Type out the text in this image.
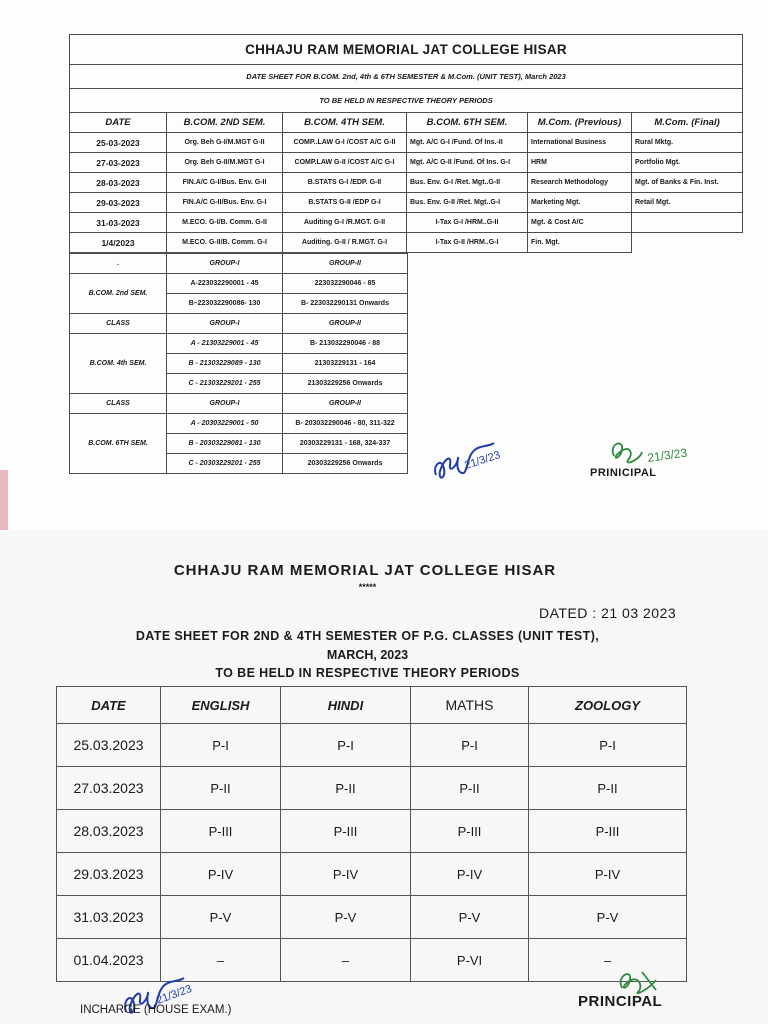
CHHAJU RAM MEMORIAL JAT COLLEGE HISAR					
DATE SHEET FOR B.COM. 2nd, 4th & 6TH SEMESTER & M.Com. (UNIT TEST), March 2023					
TO BE HELD IN RESPECTIVE THEORY PERIODS					
DATE	B.COM. 2ND SEM.	B.COM. 4TH SEM.	B.COM. 6TH SEM.	M.Com. (Previous)	M.Com. (Final)
25-03-2023	Org. Beh G-I/M.MGT G-II	COMP..LAW G-I /COST A/C G-II	Mgt. A/C G-I /Fund. Of Ins.-II	International Business	Rural Mktg.
27-03-2023	Org. Beh G-II/M.MGT G-I	COMP.LAW G-II /COST A/C G-I	Mgt. A/C G-II /Fund. Of Ins. G-I	HRM	Portfolio Mgt.
28-03-2023	FIN.A/C G-I/Bus. Env. G-II	B.STATS G-I /EDP. G-II	Bus. Env. G-I /Ret. Mgt..G-II	Research Methodology	Mgt. of Banks & Fin. Inst.
29-03-2023	FIN.A/C G-II/Bus. Env. G-I	B.STATS G-II /EDP G-I	Bus. Env. G-II /Ret. Mgt..G-I	Marketing Mgt.	Retail Mgt.
31-03-2023	M.ECO. G-I/B. Comm. G-II	Auditing G-I /R.MGT. G-II	I-Tax G-I /HRM..G-II	Mgt. & Cost A/C	
1/4/2023	M.ECO. G-II/B. Comm. G-I	Auditing. G-II / R.MGT. G-I	I-Tax G-II /HRM..G-I	Fin. Mgt.	
.	GROUP-I	GROUP-II
B.COM. 2nd SEM.	A-223032290001 - 45	223032290046 - 85
	B–223032290086- 130	B- 223032290131 Onwards
CLASS	GROUP-I	GROUP-II
B.COM. 4th SEM.	A - 21303229001 - 45	B- 213032290046 - 88
	B - 21303229089 - 130	21303229131 - 164
	C - 21303229201 - 255	21303229256 Onwards
CLASS	GROUP-I	GROUP-II
B.COM. 6TH SEM.	A - 20303229001 - 50	B- 203032290046 - 80, 311-322
	B - 20303229081 - 130	20303229131 - 168, 324-337
	C - 20303229201 - 255	20303229256 Onwards	21/3/23	21/3/23
PRINICIPAL
CHHAJU RAM MEMORIAL JAT COLLEGE HISAR
*****
DATED : 21 03 2023
DATE SHEET FOR 2ND & 4TH SEMESTER OF P.G. CLASSES (UNIT TEST),
MARCH, 2023
TO BE HELD IN RESPECTIVE THEORY PERIODS
DATE	ENGLISH	HINDI	MATHS	ZOOLOGY
25.03.2023	P-I	P-I	P-I	P-I
27.03.2023	P-II	P-II	P-II	P-II
28.03.2023	P-III	P-III	P-III	P-III
29.03.2023	P-IV	P-IV	P-IV	P-IV
31.03.2023	P-V	P-V	P-V	P-V
01.04.2023	–	–	P-VI	–
21/3/23
INCHARGE (HOUSE EXAM.)	PRINCIPAL
